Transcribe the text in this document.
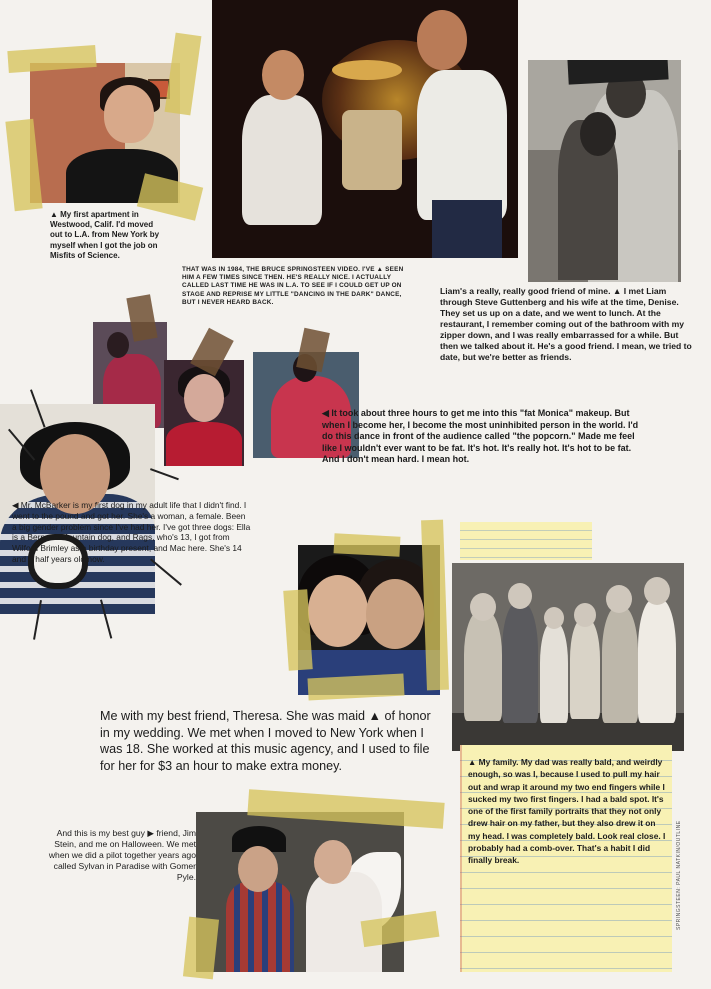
▲ My first apartment in Westwood, Calif. I'd moved out to L.A. from New York by myself when I got the job on Misfits of Science.
THAT WAS IN 1984, THE BRUCE SPRINGSTEEN VIDEO. I'VE ▲ SEEN HIM A FEW TIMES SINCE THEN. HE'S REALLY NICE. I ACTUALLY CALLED LAST TIME HE WAS IN L.A. TO SEE IF I COULD GET UP ON STAGE AND REPRISE MY LITTLE "DANCING IN THE DARK" DANCE, BUT I NEVER HEARD BACK.
Liam's a really, really good friend of mine. ▲ I met Liam through Steve Guttenberg and his wife at the time, Denise. They set us up on a date, and we went to lunch. At the restaurant, I remember coming out of the bathroom with my zipper down, and I was really embarrassed for a while. But then we talked about it. He's a good friend. I mean, we tried to date, but we're better as friends.
◀ It took about three hours to get me into this "fat Monica" makeup. But when I become her, I become the most uninhibited person in the world. I'd do this dance in front of the audience called "the popcorn." Made me feel like I wouldn't ever want to be fat. It's hot. It's really hot. It's hot to be fat. And I don't mean hard. I mean hot.
◀ Mr. McBarker is my first dog in my adult life that I didn't find. I went to the pound and got her. She's a woman, a female. Been a big gender problem since I've had her. I've got three dogs: Ella is a Bernese Mountain dog, and Rags, who's 13, I got from Wilford Brimley as a birthday present, and Mac here. She's 14 and a half years old now.
Me with my best friend, Theresa. She was maid ▲ of honor in my wedding. We met when I moved to New York when I was 18. She worked at this music agency, and I used to file for her for $3 an hour to make extra money.	▲ My family. My dad was really bald, and weirdly enough, so was I, because I used to pull my hair out and wrap it around my two end fingers while I sucked my two first fingers. I had a bald spot. It's one of the first family portraits that they not only drew hair on my father, but they also drew it on my head. I was completely bald. Look real close. I probably had a comb-over. That's a habit I did finally break.
And this is my best guy ▶ friend, Jim Stein, and me on Halloween. We met when we did a pilot together years ago called Sylvan in Paradise with Gomer Pyle.	SPRINGSTEEN: PAUL NATKIN/OUTLINE
